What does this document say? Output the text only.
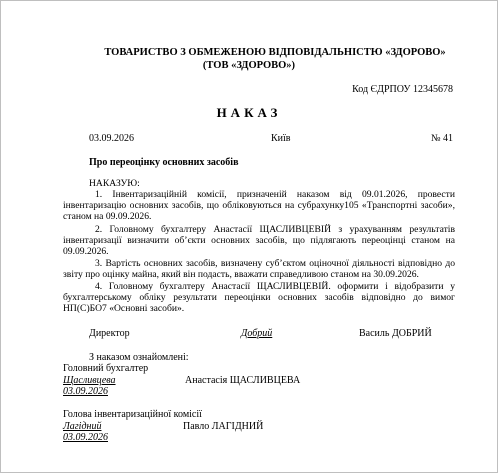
ТОВАРИСТВО З ОБМЕЖЕНОЮ ВІДПОВІДАЛЬНІСТЮ «ЗДОРОВО»
(ТОВ «ЗДОРОВО»)
Код ЄДРПОУ 12345678
НАКАЗ
03.09.2026	Київ	№ 41
Про переоцінку основних засобів
НАКАЗУЮ:
1. Інвентаризаційній комісії, призначеній наказом від 09.01.2026, провести інвентаризацію основних засобів, що обліковуються на субрахунку105 «Транспортні засоби», станом на 09.09.2026.
2. Головному бухгалтеру Анастасії ЩАСЛИВЦЕВІЙ з урахуванням результатів інвентаризації визначити об’єкти основних засобів, що підлягають переоцінці станом на 09.09.2026.
3. Вартість основних засобів, визначену суб’єктом оціночної діяльності відповідно до звіту про оцінку майна, який він подасть, вважати справедливою станом на 30.09.2026.
4. Головному бухгалтеру Анастасії ЩАСЛИВЦЕВІЙ. оформити і відобразити у бухгалтерському обліку результати переоцінки основних засобів відповідно до вимог НП(С)БО7 «Основні засоби».
Директор	Добрий	Василь ДОБРИЙ
З наказом ознайомлені:
Головний бухгалтер
Щасливцева
03.09.2026
Анастасія ЩАСЛИВЦЕВА
Голова інвентаризаційної комісії
Лагідний
03.09.2026
Павло ЛАГІДНИЙ
